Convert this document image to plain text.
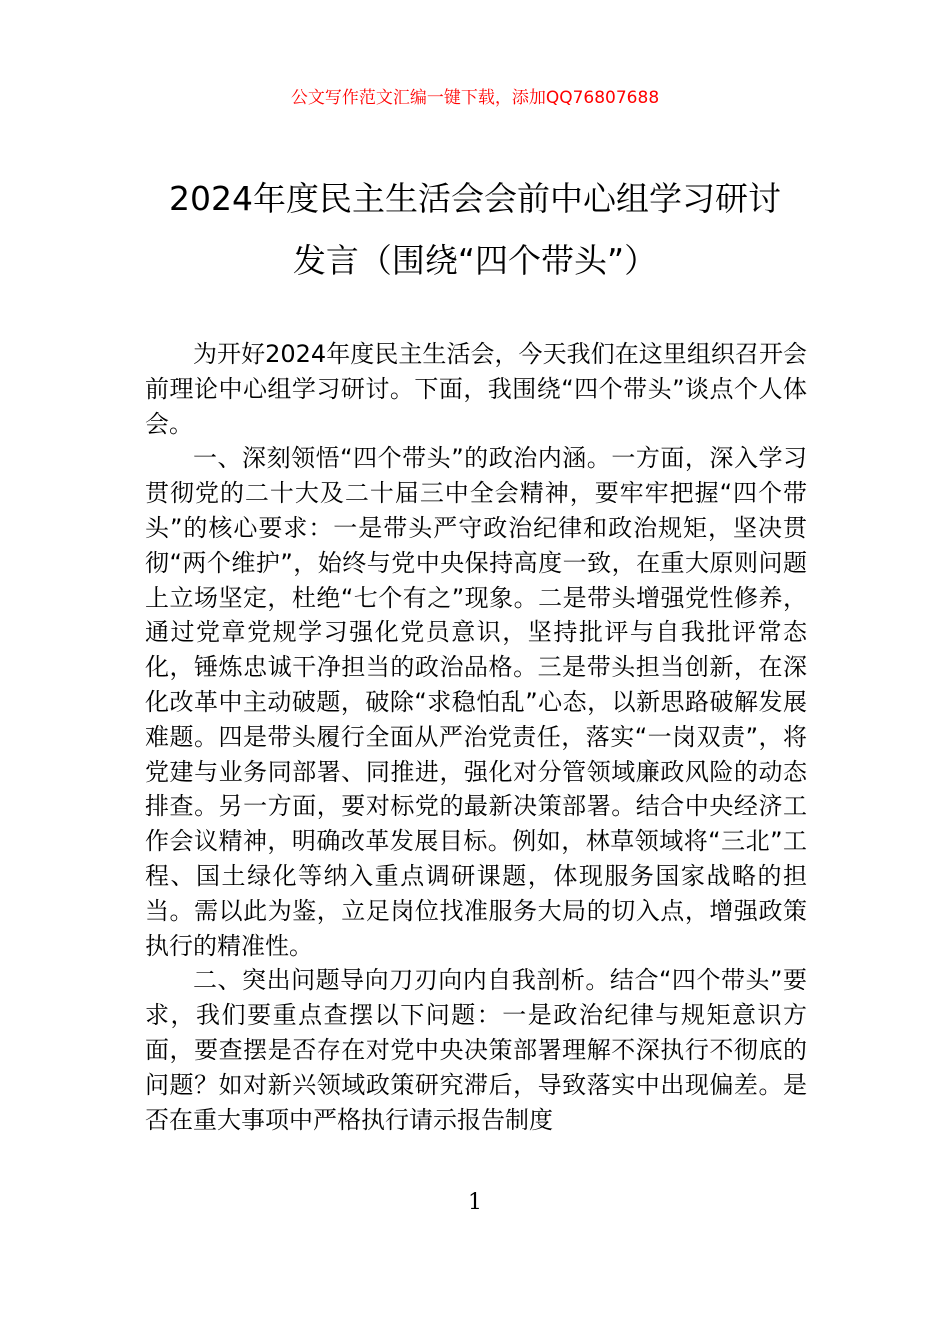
公文写作范文汇编一键下载，添加QQ76807688
2024年度民主生活会会前中心组学习研讨
发言（围绕“四个带头”）

为开好2024年度民主生活会，今天我们在这里组织召开会前理论中心组学习研讨。下面，我围绕“四个带头”谈点个人体会。

一、深刻领悟“四个带头”的政治内涵。一方面，深入学习贯彻党的二十大及二十届三中全会精神，要牢牢把握“四个带头”的核心要求：一是带头严守政治纪律和政治规矩，坚决贯彻“两个维护”，始终与党中央保持高度一致，在重大原则问题上立场坚定，杜绝“七个有之”现象。二是带头增强党性修养，通过党章党规学习强化党员意识，坚持批评与自我批评常态化，锤炼忠诚干净担当的政治品格。三是带头担当创新，在深化改革中主动破题，破除“求稳怕乱”心态，以新思路破解发展难题。四是带头履行全面从严治党责任，落实“一岗双责”，将党建与业务同部署、同推进，强化对分管领域廉政风险的动态排查。另一方面，要对标党的最新决策部署。结合中央经济工作会议精神，明确改革发展目标。例如，林草领域将“三北”工程、国土绿化等纳入重点调研课题，体现服务国家战略的担当。需以此为鉴，立足岗位找准服务大局的切入点，增强政策执行的精准性。

二、突出问题导向刀刃向内自我剖析。结合“四个带头”要求，我们要重点查摆以下问题：一是政治纪律与规矩意识方面，要查摆是否存在对党中央决策部署理解不深执行不彻底的问题？如对新兴领域政策研究滞后，导致落实中出现偏差。是否在重大事项中严格执行请示报告制度

1
